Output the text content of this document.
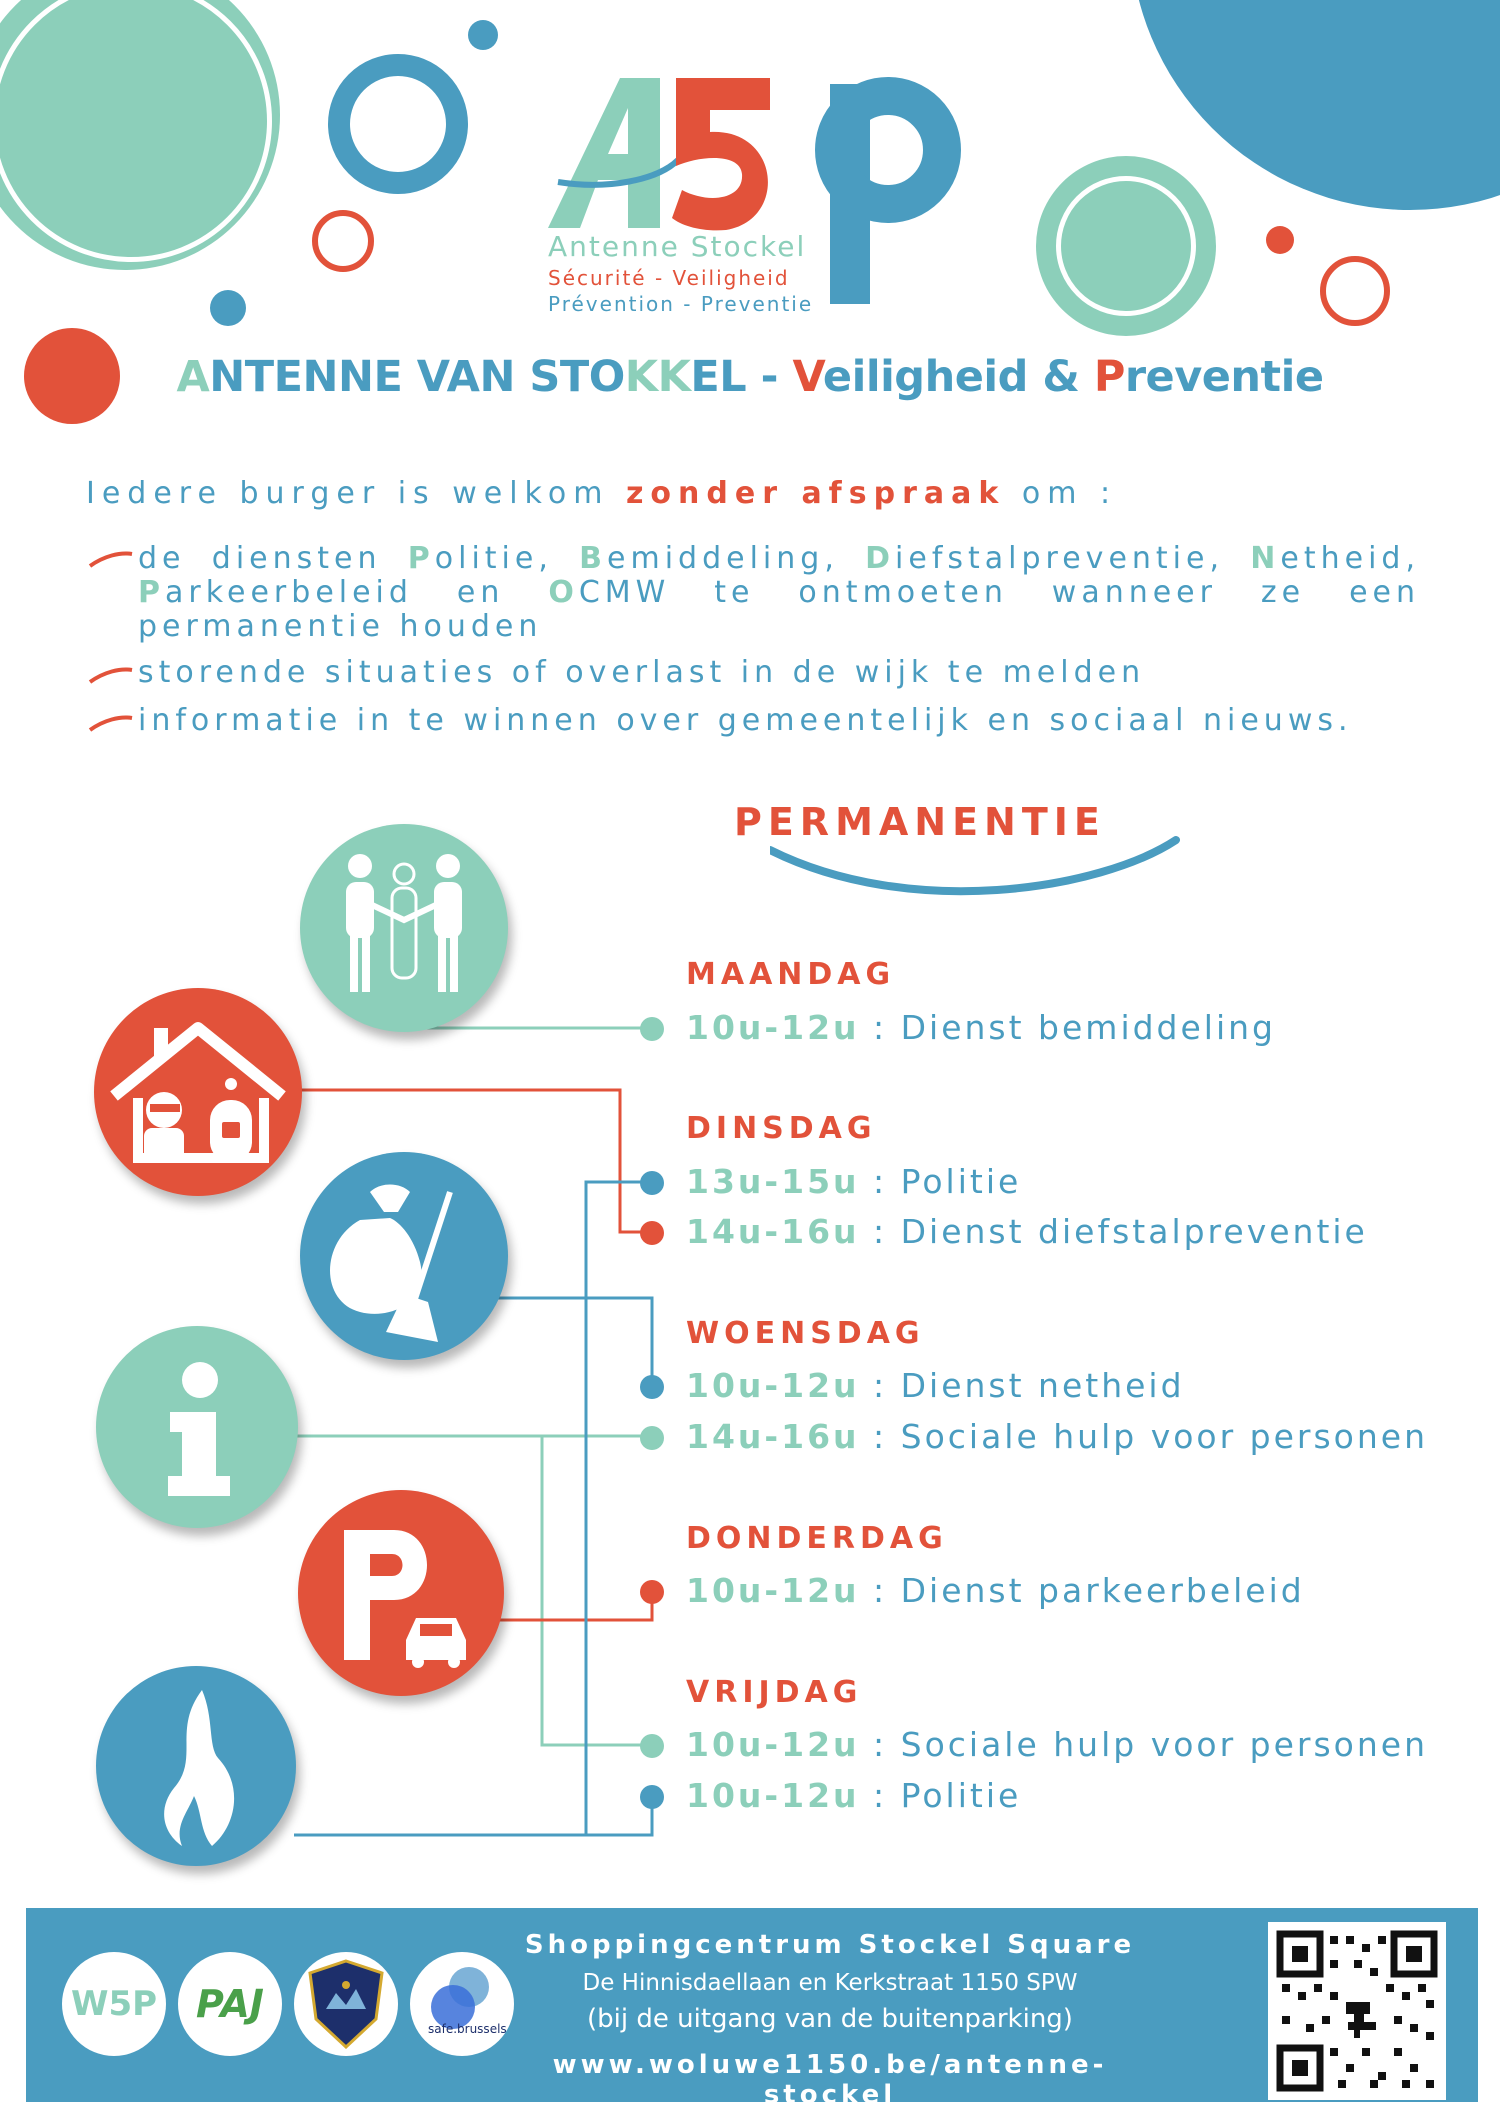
Antenne Stockel
Sécurité - Veiligheid
Prévention - Preventie
ANTENNE VAN STOKKEL - Veiligheid & Preventie
Iedere burger is welkom zonder afspraak om :
de diensten Politie, Bemiddeling, Diefstalpreventie, Netheid, Parkeerbeleid en OCMW te ontmoeten wanneer ze een permanentie houden
storende situaties of overlast in de wijk te melden
informatie in te winnen over gemeentelijk en sociaal nieuws.
PERMANENTIE
MAANDAG
10u-12u : Dienst bemiddeling
DINSDAG
13u-15u : Politie
14u-16u : Dienst diefstalpreventie
WOENSDAG
10u-12u : Dienst netheid
14u-16u : Sociale hulp voor personen
DONDERDAG
10u-12u : Dienst parkeerbeleid
VRIJDAG
10u-12u : Sociale hulp voor personen
10u-12u : Politie
W5P PAJ
safe.brussels
Shoppingcentrum Stockel Square
De Hinnisdaellaan en Kerkstraat 1150 SPW
(bij de uitgang van de buitenparking)
www.woluwe1150.be/antenne-stockel
